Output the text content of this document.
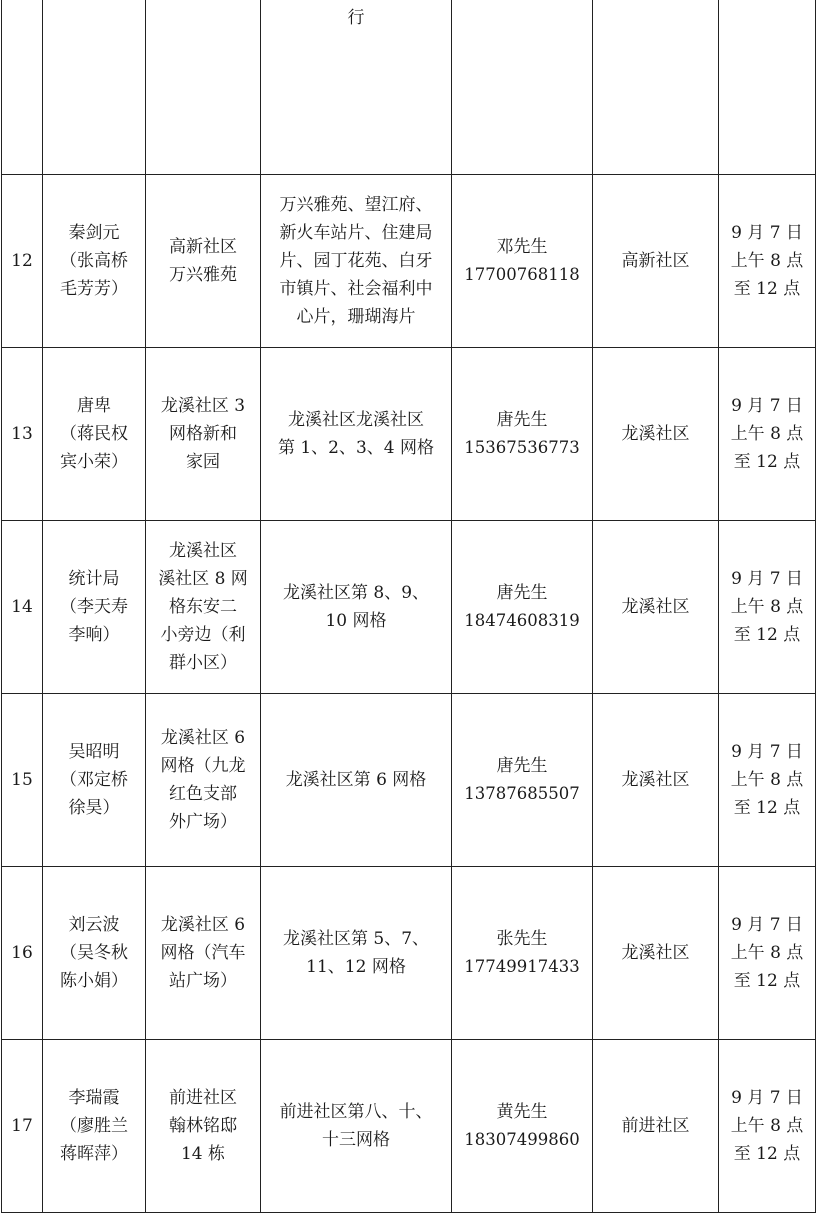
			行			

12	秦剑元
（张高桥
毛芳芳）	高新社区
万兴雅苑	万兴雅苑、望江府、
新火车站片、住建局
片、园丁花苑、白牙
市镇片、社会福利中
心片，珊瑚海片	邓先生
17700768118	高新社区	9 月 7 日
上午 8 点
至 12 点

13	唐卑
（蒋民权
宾小荣）	龙溪社区 3
网格新和
家园	龙溪社区龙溪社区
第 1、2、3、4 网格	唐先生
15367536773	龙溪社区	9 月 7 日
上午 8 点
至 12 点

14	统计局
（李天寿
李响）	龙溪社区
溪社区 8 网
格东安二
小旁边（利
群小区）	龙溪社区第 8、9、
10 网格	唐先生
18474608319	龙溪社区	9 月 7 日
上午 8 点
至 12 点

15	吴昭明
（邓定桥
徐昊）	龙溪社区 6
网格（九龙
红色支部
外广场）	龙溪社区第 6 网格	唐先生
13787685507	龙溪社区	9 月 7 日
上午 8 点
至 12 点

16	刘云波
（吴冬秋
陈小娟）	龙溪社区 6
网格（汽车
站广场）	龙溪社区第 5、7、
11、12 网格	张先生
17749917433	龙溪社区	9 月 7 日
上午 8 点
至 12 点

17	李瑞霞
（廖胜兰
蒋晖萍）	前进社区
翰林铭邸
14 栋	前进社区第八、十、
十三网格	黄先生
18307499860	前进社区	9 月 7 日
上午 8 点
至 12 点
